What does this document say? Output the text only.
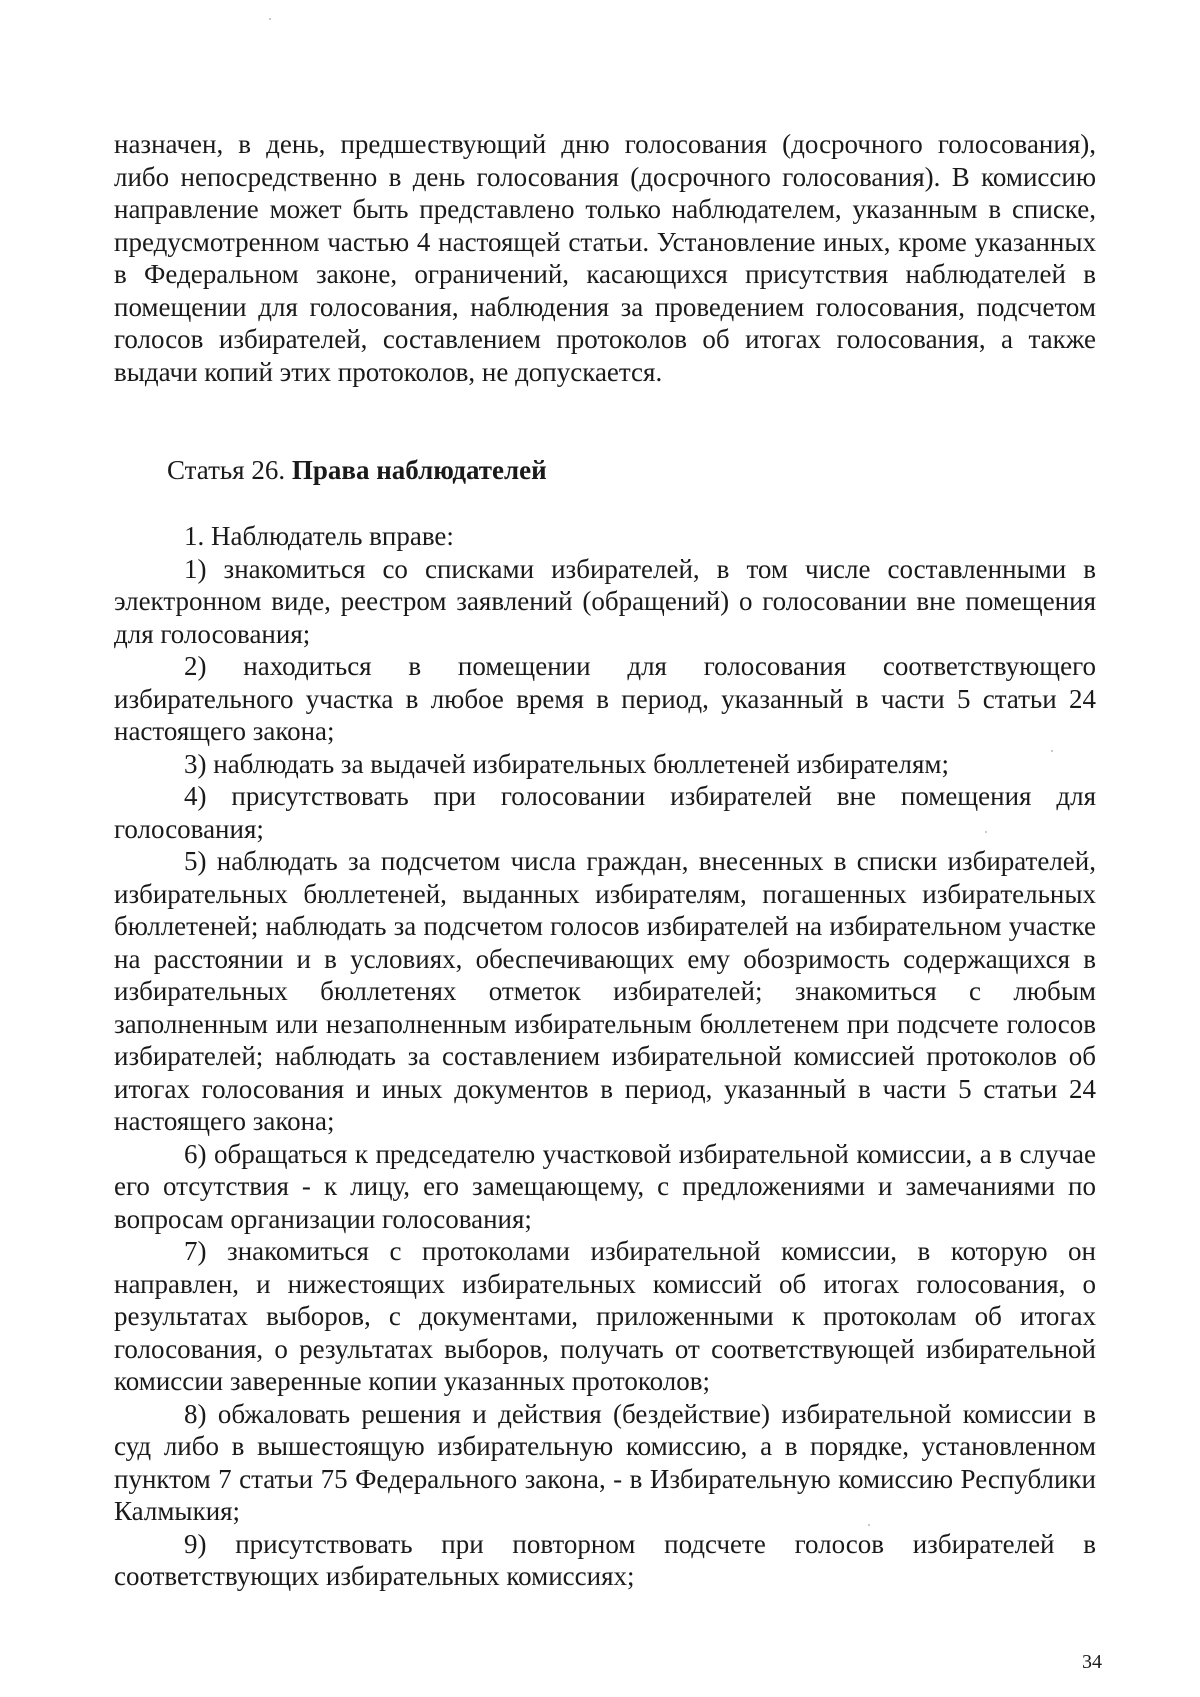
назначен, в день, предшествующий дню голосования (досрочного голосования), либо непосредственно в день голосования (досрочного голосования). В комиссию направление может быть представлено только наблюдателем, указанным в списке, предусмотренном частью 4 настоящей статьи. Установление иных, кроме указанных в Федеральном законе, ограничений, касающихся присутствия наблюдателей в помещении для голосования, наблюдения за проведением голосования, подсчетом голосов избирателей, составлением протоколов об итогах голосования, а также выдачи копий этих протоколов, не допускается.

Статья 26. Права наблюдателей

1. Наблюдатель вправе:

1) знакомиться со списками избирателей, в том числе составленными в электронном виде, реестром заявлений (обращений) о голосовании вне помещения для голосования;

2) находиться в помещении для голосования соответствующего избирательного участка в любое время в период, указанный в части 5 статьи 24 настоящего закона;

3) наблюдать за выдачей избирательных бюллетеней избирателям;

4) присутствовать при голосовании избирателей вне помещения для голосования;

5) наблюдать за подсчетом числа граждан, внесенных в списки избирателей, избирательных бюллетеней, выданных избирателям, погашенных избирательных бюллетеней; наблюдать за подсчетом голосов избирателей на избирательном участке на расстоянии и в условиях, обеспечивающих ему обозримость содержащихся в избирательных бюллетенях отметок избирателей; знакомиться с любым заполненным или незаполненным избирательным бюллетенем при подсчете голосов избирателей; наблюдать за составлением избирательной комиссией протоколов об итогах голосования и иных документов в период, указанный в части 5 статьи 24 настоящего закона;

6) обращаться к председателю участковой избирательной комиссии, а в случае его отсутствия - к лицу, его замещающему, с предложениями и замечаниями по вопросам организации голосования;

7) знакомиться с протоколами избирательной комиссии, в которую он направлен, и нижестоящих избирательных комиссий об итогах голосования, о результатах выборов, с документами, приложенными к протоколам об итогах голосования, о результатах выборов, получать от соответствующей избирательной комиссии заверенные копии указанных протоколов;

8) обжаловать решения и действия (бездействие) избирательной комиссии в суд либо в вышестоящую избирательную комиссию, а в порядке, установленном пунктом 7 статьи 75 Федерального закона, - в Избирательную комиссию Республики Калмыкия;

9) присутствовать при повторном подсчете голосов избирателей в соответствующих избирательных комиссиях;

34
